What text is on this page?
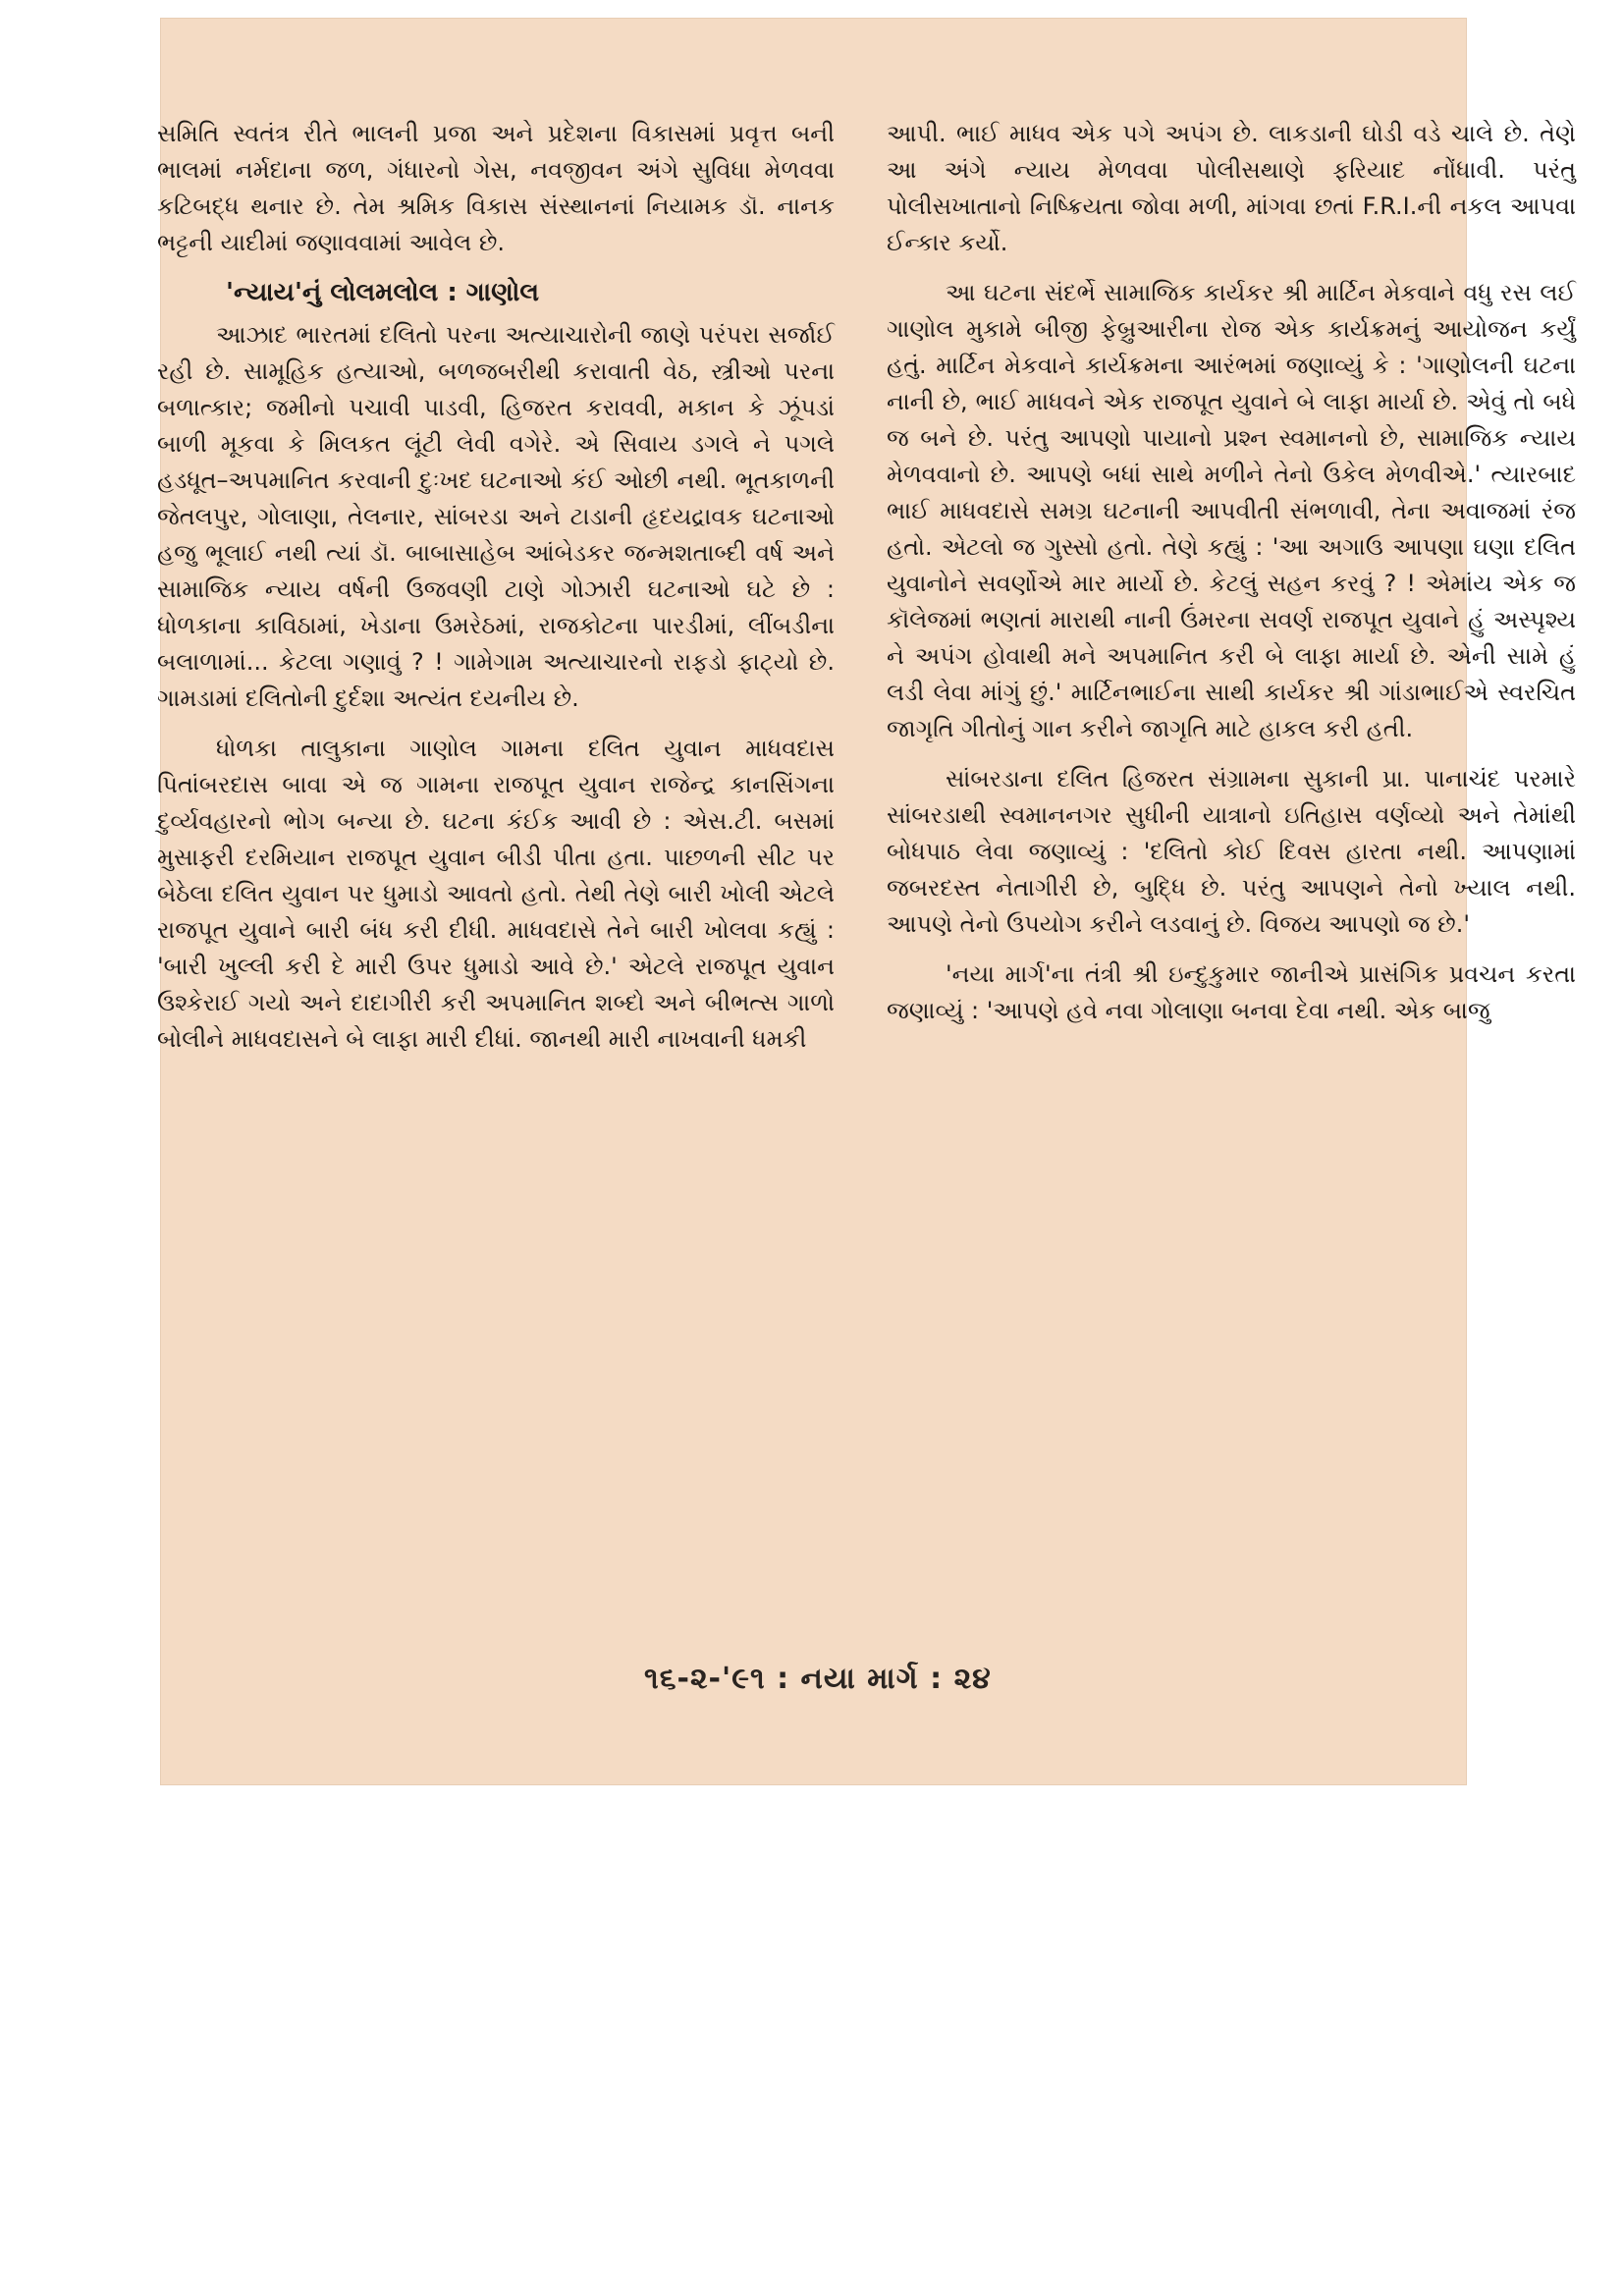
સમિતિ સ્વતંત્ર રીતે ભાલની પ્રજા અને પ્રદેશના વિકાસમાં પ્રવૃત્ત બની ભાલમાં નર્મદાના જળ, ગંધારનો ગેસ, નવજીવન અંગે સુવિધા મેળવવા કટિબદ્ધ થનાર છે. તેમ શ્રમિક વિકાસ સંસ્થાનનાં નિયામક ડૉ. નાનક ભટ્ટની યાદીમાં જણાવવામાં આવેલ છે.

'ન્યાય'નું લોલમલોલ : ગાણોલ

આઝાદ ભારતમાં દલિતો પરના અત્યાચારોની જાણે પરંપરા સર્જાઈ રહી છે. સામૂહિક હત્યાઓ, બળજબરીથી કરાવાતી વેઠ, સ્ત્રીઓ પરના બળાત્કાર; જમીનો પચાવી પાડવી, હિજરત કરાવવી, મકાન કે ઝૂંપડાં બાળી મૂકવા કે મિલકત લૂંટી લેવી વગેરે. એ સિવાય ડગલે ને પગલે હડધૂત–અપમાનિત કરવાની દુઃખદ ઘટનાઓ કંઈ ઓછી નથી. ભૂતકાળની જેતલપુર, ગોલાણા, તેલનાર, સાંબરડા અને ટાડાની હૃદયદ્રાવક ઘટનાઓ હજુ ભૂલાઈ નથી ત્યાં ડૉ. બાબાસાહેબ આંબેડકર જન્મશતાબ્દી વર્ષ અને સામાજિક ન્યાય વર્ષની ઉજવણી ટાણે ગોઝારી ઘટનાઓ ઘટે છે : ધોળકાના કાવિઠામાં, ખેડાના ઉમરેઠમાં, રાજકોટના પારડીમાં, લીંબડીના બલાળામાં... કેટલા ગણાવું ? ! ગામેગામ અત્યાચારનો રાફડો ફાટ્યો છે. ગામડામાં દલિતોની દુર્દશા અત્યંત દયનીય છે.

ધોળકા તાલુકાના ગાણોલ ગામના દલિત યુવાન માધવદાસ પિતાંબરદાસ બાવા એ જ ગામના રાજપૂત યુવાન રાજેન્દ્ર કાનસિંગના દુર્વ્યવહારનો ભોગ બન્યા છે. ઘટના કંઈક આવી છે : એસ.ટી. બસમાં મુસાફરી દરમિયાન રાજપૂત યુવાન બીડી પીતા હતા. પાછળની સીટ પર બેઠેલા દલિત યુવાન પર ધુમાડો આવતો હતો. તેથી તેણે બારી ખોલી એટલે રાજપૂત યુવાને બારી બંધ કરી દીધી. માધવદાસે તેને બારી ખોલવા કહ્યું : 'બારી ખુલ્લી કરી દે મારી ઉપર ધુમાડો આવે છે.' એટલે રાજપૂત યુવાન ઉશ્કેરાઈ ગયો અને દાદાગીરી કરી અપમાનિત શબ્દો અને બીભત્સ ગાળો બોલીને માધવદાસને બે લાફા મારી દીધાં. જાનથી મારી નાખવાની ધમકી

આપી. ભાઈ માધવ એક પગે અપંગ છે. લાકડાની ઘોડી વડે ચાલે છે. તેણે આ અંગે ન્યાય મેળવવા પોલીસથાણે ફરિયાદ નોંધાવી. પરંતુ પોલીસખાતાનો નિષ્ક્રિયતા જોવા મળી, માંગવા છતાં F.R.I.ની નકલ આપવા ઈન્કાર કર્યો.

આ ઘટના સંદર્ભે સામાજિક કાર્યકર શ્રી માર્ટિન મેકવાને વધુ રસ લઈ ગાણોલ મુકામે બીજી ફેબ્રુઆરીના રોજ એક કાર્યક્રમનું આયોજન કર્યું હતું. માર્ટિન મેકવાને કાર્યક્રમના આરંભમાં જણાવ્યું કે : 'ગાણોલની ઘટના નાની છે, ભાઈ માધવને એક રાજપૂત યુવાને બે લાફા માર્યા છે. એવું તો બધે જ બને છે. પરંતુ આપણો પાયાનો પ્રશ્ન સ્વમાનનો છે, સામાજિક ન્યાય મેળવવાનો છે. આપણે બધાં સાથે મળીને તેનો ઉકેલ મેળવીએ.' ત્યારબાદ ભાઈ માધવદાસે સમગ્ર ઘટનાની આપવીતી સંભળાવી, તેના અવાજમાં રંજ હતો. એટલો જ ગુસ્સો હતો. તેણે કહ્યું : 'આ અગાઉ આપણા ઘણા દલિત યુવાનોને સવર્ણોએ માર માર્યો છે. કેટલું સહન કરવું ? ! એમાંય એક જ કૉલેજમાં ભણતાં મારાથી નાની ઉંમરના સવર્ણ રાજપૂત યુવાને હું અસ્પૃશ્ય ને અપંગ હોવાથી મને અપમાનિત કરી બે લાફા માર્યા છે. એની સામે હું લડી લેવા માંગું છું.' માર્ટિનભાઈના સાથી કાર્યકર શ્રી ગાંડાભાઈએ સ્વરચિત જાગૃતિ ગીતોનું ગાન કરીને જાગૃતિ માટે હાકલ કરી હતી.

સાંબરડાના દલિત હિજરત સંગ્રામના સુકાની પ્રા. પાનાચંદ પરમારે સાંબરડાથી સ્વમાનનગર સુધીની યાત્રાનો ઇતિહાસ વર્ણવ્યો અને તેમાંથી બોધપાઠ લેવા જણાવ્યું : 'દલિતો કોઈ દિવસ હારતા નથી. આપણામાં જબરદસ્ત નેતાગીરી છે, બુદ્ધિ છે. પરંતુ આપણને તેનો ખ્યાલ નથી. આપણે તેનો ઉપયોગ કરીને લડવાનું છે. વિજય આપણો જ છે.'

'નયા માર્ગ'ના તંત્રી શ્રી ઇન્દુકુમાર જાનીએ પ્રાસંગિક પ્રવચન કરતા જણાવ્યું : 'આપણે હવે નવા ગોલાણા બનવા દેવા નથી. એક બાજુ

૧૬-૨-'૯૧ : નયા માર્ગ : ૨૪
